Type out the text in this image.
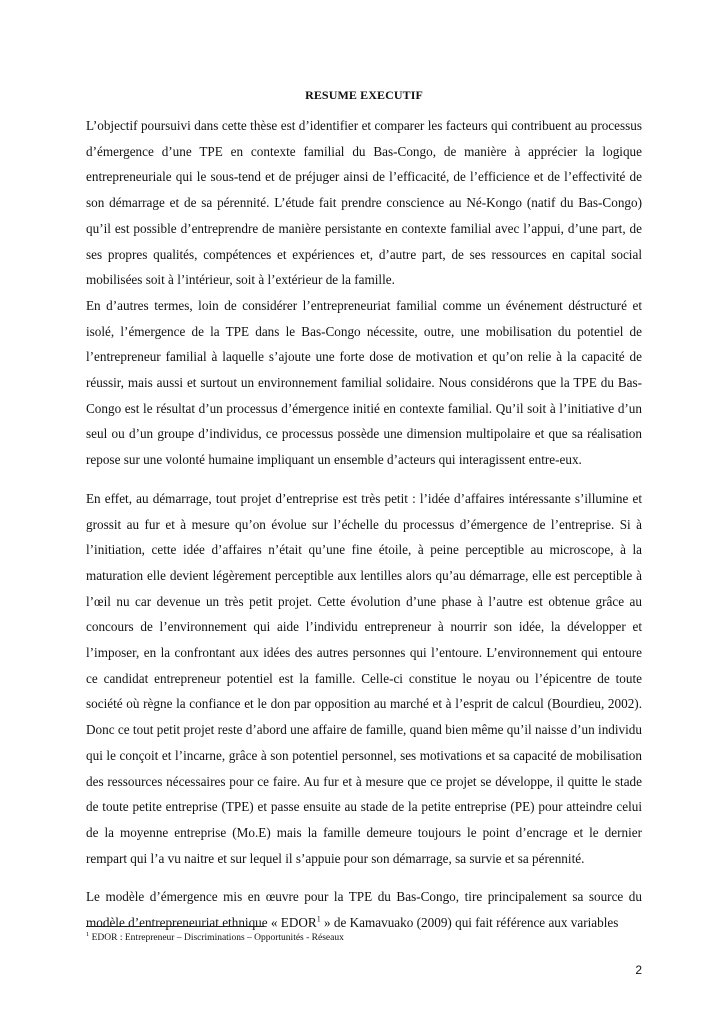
RESUME EXECUTIF

L’objectif poursuivi dans cette thèse est d’identifier et comparer les facteurs qui contribuent au processus d’émergence d’une TPE en contexte familial du Bas-Congo, de manière à apprécier la logique entrepreneuriale qui le sous-tend et de préjuger ainsi de l’efficacité, de l’efficience et de l’effectivité de son démarrage et de sa pérennité. L’étude fait prendre conscience au Né-Kongo (natif du Bas-Congo) qu’il est possible d’entreprendre de manière persistante en contexte familial avec l’appui, d’une part, de ses propres qualités, compétences et expériences et, d’autre part, de ses ressources en capital social mobilisées soit à l’intérieur, soit à l’extérieur de la famille.

En d’autres termes, loin de considérer l’entrepreneuriat familial comme un événement déstructuré et isolé, l’émergence de la TPE dans le Bas-Congo nécessite, outre, une mobilisation du potentiel de l’entrepreneur familial à laquelle s’ajoute une forte dose de motivation et qu’on relie à la capacité de réussir, mais aussi et surtout un environnement familial solidaire. Nous considérons que la TPE du Bas-Congo est le résultat d’un processus d’émergence initié en contexte familial. Qu’il soit à l’initiative d’un seul ou d’un groupe d’individus, ce processus possède une dimension multipolaire et que sa réalisation repose sur une volonté humaine impliquant un ensemble d’acteurs qui interagissent entre-eux.

En effet, au démarrage, tout projet d’entreprise est très petit : l’idée d’affaires intéressante s’illumine et grossit au fur et à mesure qu’on évolue sur l’échelle du processus d’émergence de l’entreprise. Si à l’initiation, cette idée d’affaires n’était qu’une fine étoile, à peine perceptible au microscope, à la maturation elle devient légèrement perceptible aux lentilles alors qu’au démarrage, elle est perceptible à l’œil nu car devenue un très petit projet. Cette évolution d’une phase à l’autre est obtenue grâce au concours de l’environnement qui aide l’individu entrepreneur à nourrir son idée, la développer et l’imposer, en la confrontant aux idées des autres personnes qui l’entoure. L’environnement qui entoure ce candidat entrepreneur potentiel est la famille. Celle-ci constitue le noyau ou l’épicentre de toute société où règne la confiance et le don par opposition au marché et à l’esprit de calcul (Bourdieu, 2002). Donc ce tout petit projet reste d’abord une affaire de famille, quand bien même qu’il naisse d’un individu qui le conçoit et l’incarne, grâce à son potentiel personnel, ses motivations et sa capacité de mobilisation des ressources nécessaires pour ce faire. Au fur et à mesure que ce projet se développe, il quitte le stade de toute petite entreprise (TPE) et passe ensuite au stade de la petite entreprise (PE) pour atteindre celui de la moyenne entreprise (Mo.E) mais la famille demeure toujours le point d’encrage et le dernier rempart qui l’a vu naitre et sur lequel il s’appuie pour son démarrage, sa survie et sa pérennité.

Le modèle d’émergence mis en œuvre pour la TPE du Bas-Congo, tire principalement sa source du modèle d’entrepreneuriat ethnique « EDOR$^1$ » de Kamavuako (2009) qui fait référence aux variables

$^1$ EDOR : Entrepreneur – Discriminations – Opportunités - Réseaux
2
